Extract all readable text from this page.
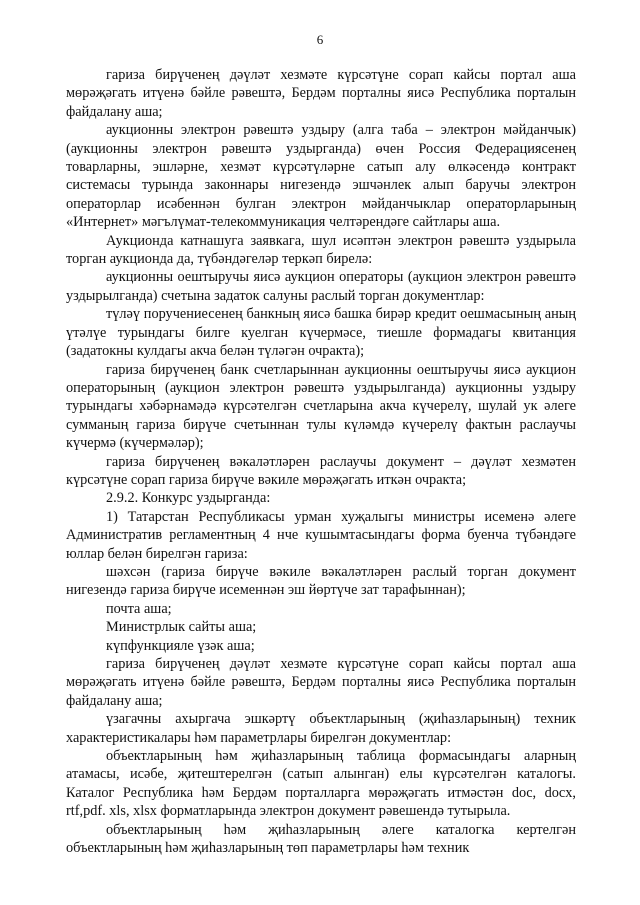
6

гариза бирүченең дәүләт хезмәте күрсәтүне сорап кайсы портал аша мөрәҗәгать итүенә бәйле рәвештә, Бердәм порталны яисә Республика порталын файдалану аша;

аукционны электрон рәвештә уздыру (алга таба – электрон мәйданчык) (аукционны электрон рәвештә уздырганда) өчен Россия Федерациясенең товарларны, эшләрне, хезмәт күрсәтүләрне сатып алу өлкәсендә контракт системасы турында законнары нигезендә эшчәнлек алып баручы электрон операторлар исәбеннән булган электрон мәйданчыклар операторларының «Интернет» мәгълүмат-телекоммуникация челтәрендәге сайтлары аша.

Аукционда катнашуга заявкага, шул исәптән электрон рәвештә уздырыла торган аукционда да, түбәндәгеләр теркәп бирелә:

аукционны оештыручы яисә аукцион операторы (аукцион электрон рәвештә уздырылганда) счетына задаток салуны раслый торган документлар:

түләү поручениесенең банкның яисә башка бирәр кредит оешмасының аның үтәлүе турындагы билге куелган күчермәсе, тиешле формадагы квитанция (задатокны кулдагы акча белән түләгән очракта);

гариза бирүченең банк счетларыннан аукционны оештыручы яисә аукцион операторының (аукцион электрон рәвештә уздырылганда) аукционны уздыру турындагы хәбәрнамәдә күрсәтелгән счетларына акча күчерелү, шулай ук әлеге сумманың гариза бирүче счетыннан тулы күләмдә күчерелү фактын раслаучы күчермә (күчермәләр);

гариза бирүченең вәкаләтләрен раслаучы документ – дәүләт хезмәтен күрсәтүне сорап гариза бирүче вәкиле мөрәҗәгать иткән очракта;

2.9.2. Конкурс уздырганда:

1) Татарстан Республикасы урман хуҗалыгы министры исеменә әлеге Административ регламентның 4 нче кушымтасындагы форма буенча түбәндәге юллар белән бирелгән гариза:

шәхсән (гариза бирүче вәкиле вәкаләтләрен раслый торган документ нигезендә гариза бирүче исеменнән эш йөртүче зат тарафыннан);

почта аша;

Министрлык сайты аша;

күпфункцияле үзәк аша;

гариза бирүченең дәүләт хезмәте күрсәтүне сорап кайсы портал аша мөрәҗәгать итүенә бәйле рәвештә, Бердәм порталны яисә Республика порталын файдалану аша;

үзагачны ахыргача эшкәртү объектларының (җиһазларының) техник характеристикалары һәм параметрлары бирелгән документлар:

объектларының һәм җиһазларының таблица формасындагы аларның атамасы, исәбе, җитештерелгән (сатып алынган) елы күрсәтелгән каталогы. Каталог Республика һәм Бердәм порталларга мөрәҗәгать итмәстән doc, docx, rtf,pdf. xls, xlsx форматларында электрон документ рәвешендә тутырыла.

объектларының һәм җиһазларының әлеге каталогка кертелгән объектларының һәм җиһазларының төп параметрлары һәм техник
